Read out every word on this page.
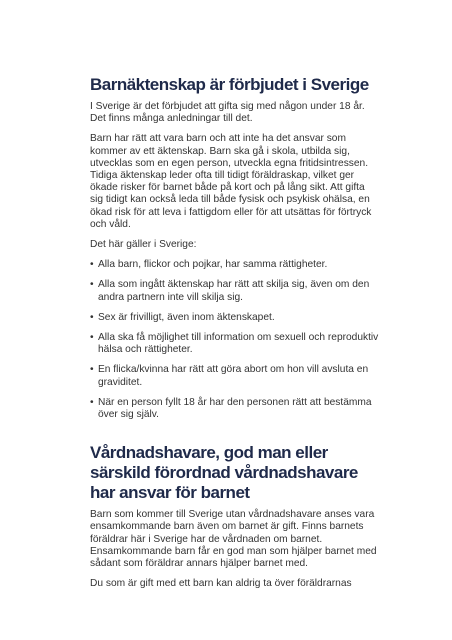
Barnäktenskap är förbjudet i Sverige

I Sverige är det förbjudet att gifta sig med någon under 18 år. Det finns många anledningar till det.

Barn har rätt att vara barn och att inte ha det ansvar som kommer av ett äktenskap. Barn ska gå i skola, utbilda sig, utvecklas som en egen person, utveckla egna fritidsintressen. Tidiga äktenskap leder ofta till tidigt föräldraskap, vilket ger ökade risker för barnet både på kort och på lång sikt. Att gifta sig tidigt kan också leda till både fysisk och psykisk ohälsa, en ökad risk för att leva i fattigdom eller för att utsättas för förtryck och våld.

Det här gäller i Sverige:

• Alla barn, flickor och pojkar, har samma rättigheter.
• Alla som ingått äktenskap har rätt att skilja sig, även om den andra partnern inte vill skilja sig.
• Sex är frivilligt, även inom äktenskapet.
• Alla ska få möjlighet till information om sexuell och reproduktiv hälsa och rättigheter.
• En flicka/kvinna har rätt att göra abort om hon vill avsluta en graviditet.
• När en person fyllt 18 år har den personen rätt att bestämma över sig själv.
Vårdnadshavare, god man eller särskild förordnad vårdnadshavare har ansvar för barnet

Barn som kommer till Sverige utan vårdnadshavare anses vara ensamkommande barn även om barnet är gift. Finns barnets föräldrar här i Sverige har de vårdnaden om barnet. Ensamkommande barn får en god man som hjälper barnet med sådant som föräldrar annars hjälper barnet med.

Du som är gift med ett barn kan aldrig ta över föräldrarnas
